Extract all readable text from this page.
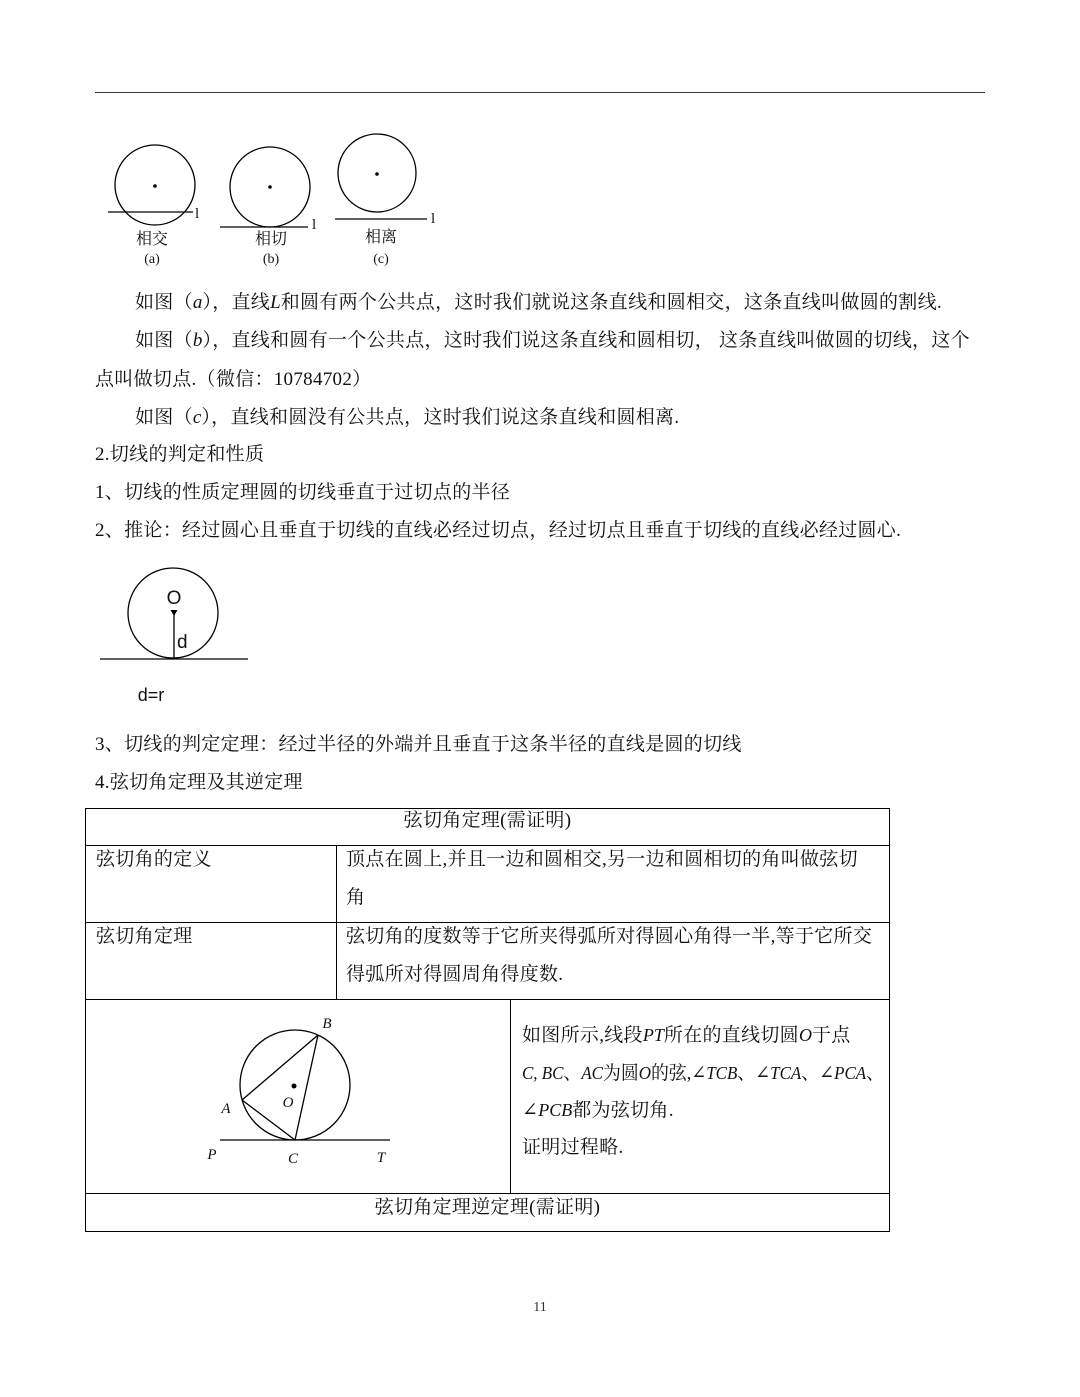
l
相交
(a)
l
相切
(b)
l
相离
(c)
如图（a），直线L和圆有两个公共点，这时我们就说这条直线和圆相交，这条直线叫做圆的割线.
如图（b），直线和圆有一个公共点，这时我们说这条直线和圆相切， 这条直线叫做圆的切线，这个
点叫做切点.（微信：10784702）
如图（c），直线和圆没有公共点，这时我们说这条直线和圆相离.
2.切线的判定和性质
1、切线的性质定理圆的切线垂直于过切点的半径
2、推论：经过圆心且垂直于切线的直线必经过切点，经过切点且垂直于切线的直线必经过圆心.
O
d
d=r
3、切线的判定定理：经过半径的外端并且垂直于这条半径的直线是圆的切线
4.弦切角定理及其逆定理
弦切角定理(需证明)
弦切角的定义	顶点在圆上,并且一边和圆相交,另一边和圆相切的角叫做弦切
角
弦切角定理	弦切角的度数等于它所夹得弧所对得圆心角得一半,等于它所交
得弧所对得圆周角得度数.
B
A	O
P	C	T
如图所示,线段PT所在的直线切圆O于点
C, BC、AC为圆O的弦,∠TCB、∠TCA、∠PCA、
∠PCB都为弦切角.
证明过程略.
弦切角定理逆定理(需证明)
11
